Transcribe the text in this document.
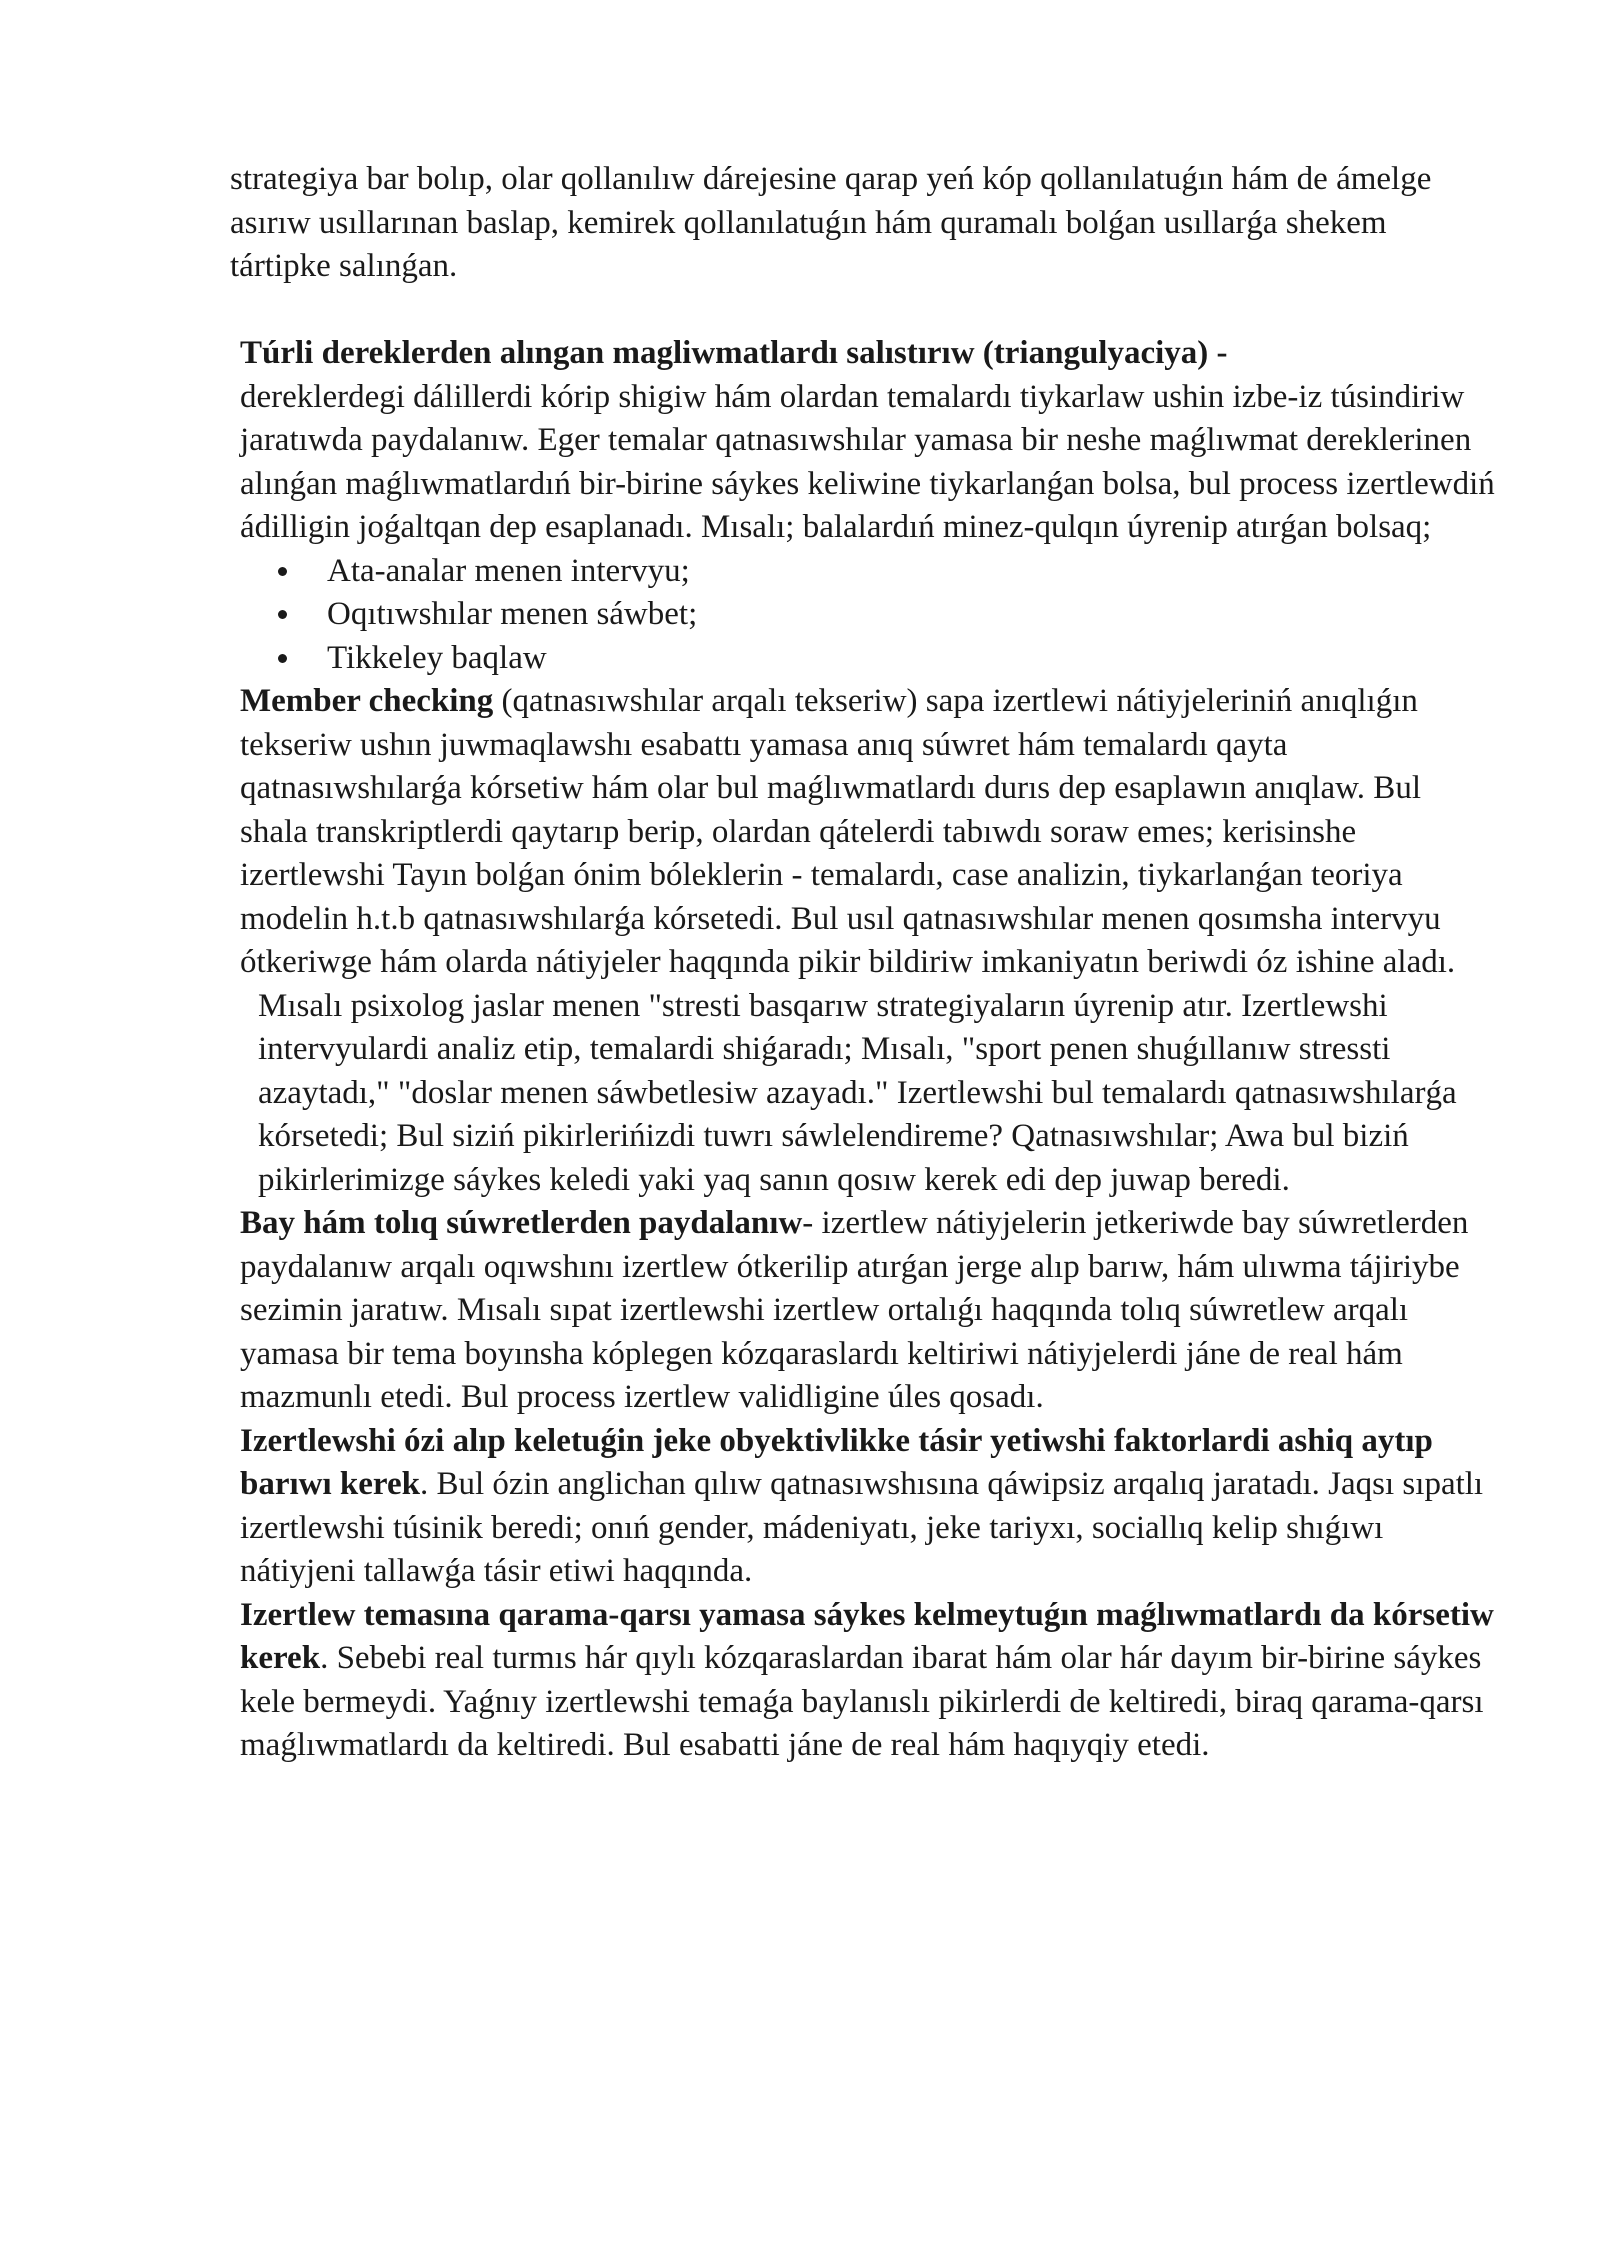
strategiya bar bolıp, olar qollanılıw dárejesine qarap yeń kóp qollanılatuǵın hám de ámelge asırıw usıllarınan baslap, kemirek qollanılatuǵın hám quramalı bolǵan usıllarǵa shekem tártipke salınǵan.

Túrli dereklerden alıngan magliwmatlardı salıstırıw (triangulyaciya) -
dereklerdegi dálillerdi kórip shigiw hám olardan temalardı tiykarlaw ushin izbe-iz túsindiriw jaratıwda paydalanıw. Eger temalar qatnasıwshılar yamasa bir neshe maǵlıwmat dereklerinen alınǵan maǵlıwmatlardıń bir-birine sáykes keliwine tiykarlanǵan bolsa, bul process izertlewdiń ádilligin joǵaltqan dep esaplanadı. Mısalı; balalardıń minez-qulqın úyrenip atırǵan bolsaq;

Ata-analar menen intervyu;
Oqıtıwshılar menen sáwbet;
Tikkeley baqlaw

Member checking (qatnasıwshılar arqalı tekseriw) sapa izertlewi nátiyjeleriniń anıqlıǵın tekseriw ushın juwmaqlawshı esabattı yamasa anıq súwret hám temalardı qayta qatnasıwshılarǵa kórsetiw hám olar bul maǵlıwmatlardı durıs dep esaplawın anıqlaw. Bul shala transkriptlerdi qaytarıp berip, olardan qátelerdi tabıwdı soraw emes; kerisinshe izertlewshi Tayın bolǵan ónim bóleklerin - temalardı, case analizin, tiykarlanǵan teoriya modelin h.t.b qatnasıwshılarǵa kórsetedi. Bul usıl qatnasıwshılar menen qosımsha intervyu ótkeriwge hám olarda nátiyjeler haqqında pikir bildiriw imkaniyatın beriwdi óz ishine aladı.

Mısalı psixolog jaslar menen "stresti basqarıw strategiyaların úyrenip atır. Izertlewshi intervyulardi analiz etip, temalardi shiǵaradı; Mısalı, "sport penen shuǵıllanıw stressti azaytadı," "doslar menen sáwbetlesiw azayadı." Izertlewshi bul temalardı qatnasıwshılarǵa kórsetedi; Bul siziń pikirlerińizdi tuwrı sáwlelendireme? Qatnasıwshılar; Awa bul biziń pikirlerimizge sáykes keledi yaki yaq sanın qosıw kerek edi dep juwap beredi.

Bay hám tolıq súwretlerden paydalanıw- izertlew nátiyjelerin jetkeriwde bay súwretlerden paydalanıw arqalı oqıwshını izertlew ótkerilip atırǵan jerge alıp barıw, hám ulıwma tájiriybe sezimin jaratıw. Mısalı sıpat izertlewshi izertlew ortalıǵı haqqında tolıq súwretlew arqalı yamasa bir tema boyınsha kóplegen kózqaraslardı keltiriwi nátiyjelerdi jáne de real hám mazmunlı etedi. Bul process izertlew validligine úles qosadı.

Izertlewshi ózi alıp keletuǵin jeke obyektivlikke tásir yetiwshi faktorlardi ashiq aytıp barıwı kerek. Bul ózin anglichan qılıw qatnasıwshısına qáwipsiz arqalıq jaratadı. Jaqsı sıpatlı izertlewshi túsinik beredi; onıń gender, mádeniyatı, jeke tariyxı, sociallıq kelip shıǵıwı nátiyjeni tallawǵa tásir etiwi haqqında.

Izertlew temasına qarama-qarsı yamasa sáykes kelmeytuǵın maǵlıwmatlardı da kórsetiw kerek. Sebebi real turmıs hár qıylı kózqaraslardan ibarat hám olar hár dayım bir-birine sáykes kele bermeydi. Yaǵnıy izertlewshi temaǵa baylanıslı pikirlerdi de keltiredi, biraq qarama-qarsı maǵlıwmatlardı da keltiredi. Bul esabatti jáne de real hám haqıyqiy etedi.
